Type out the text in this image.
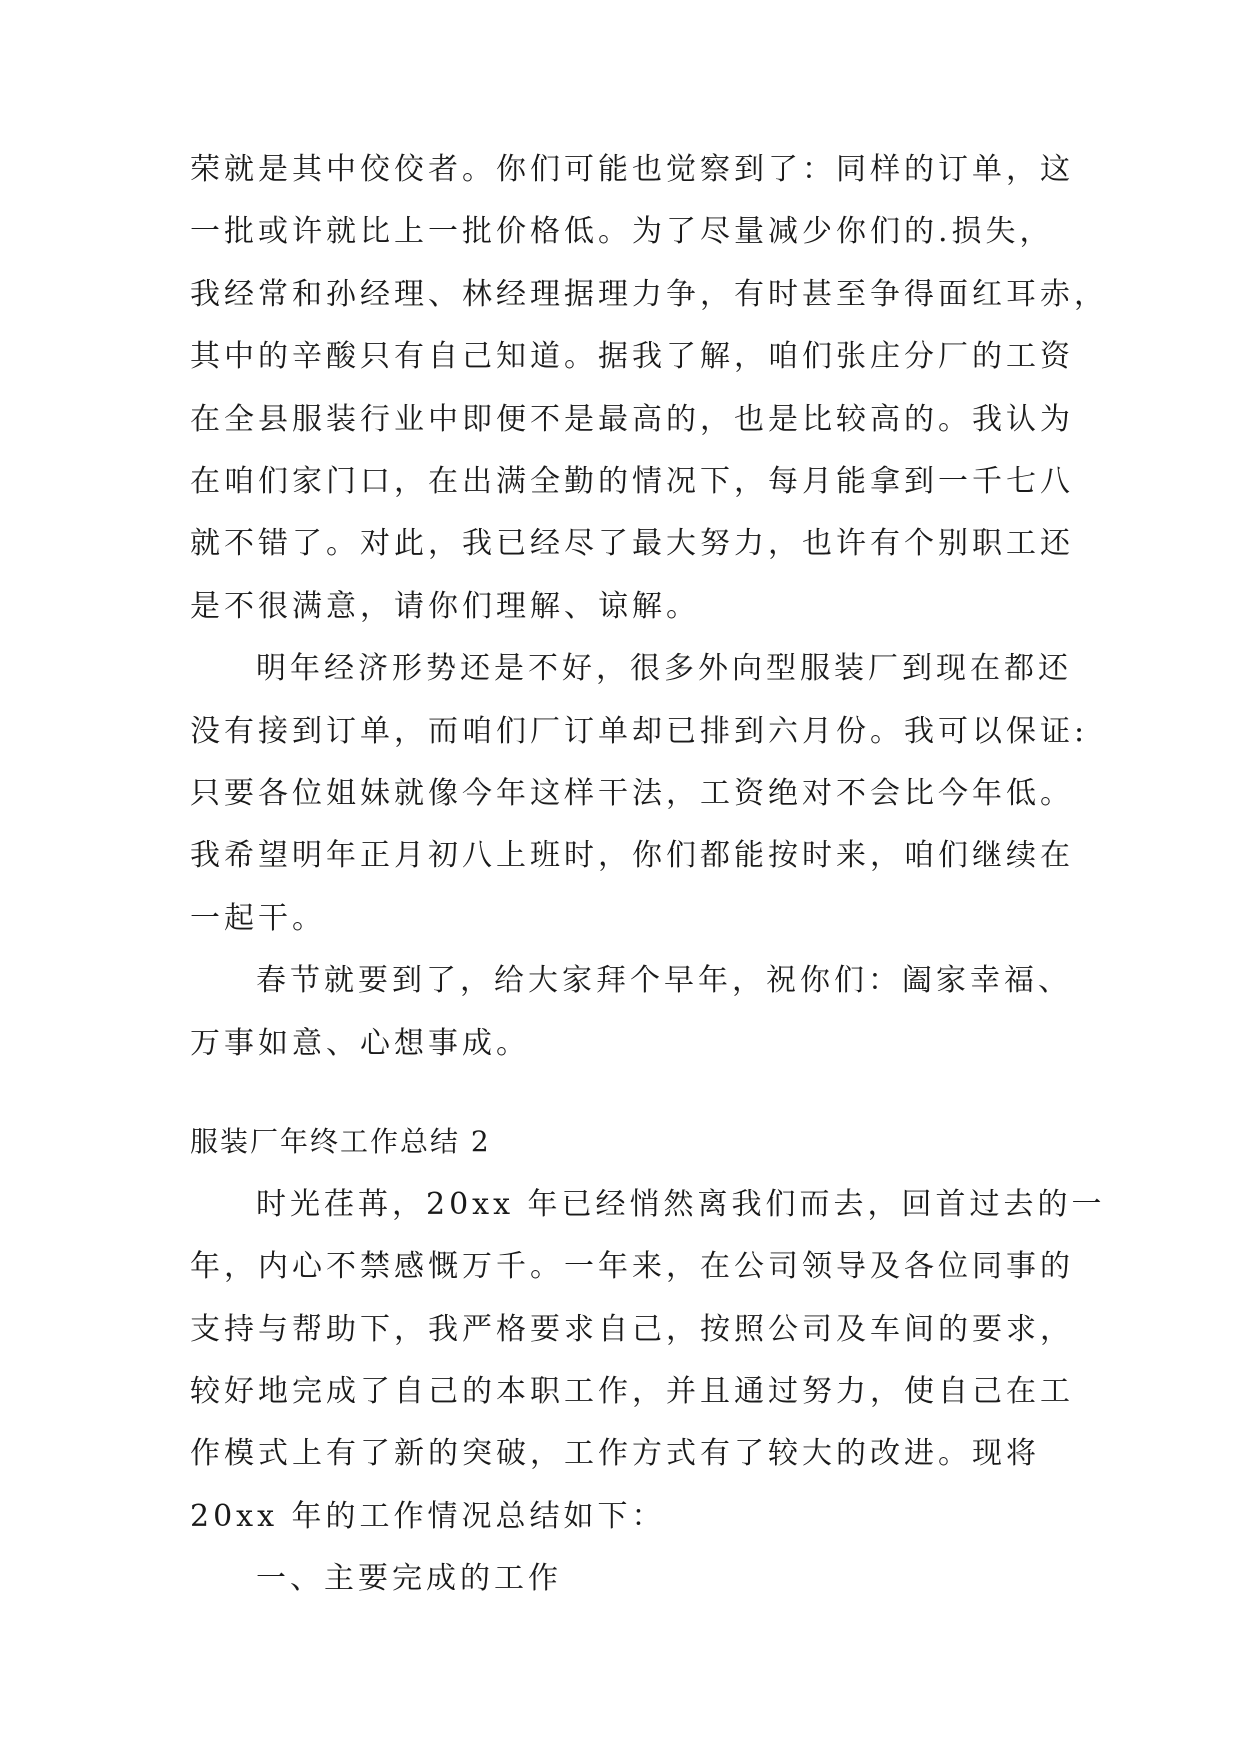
荣就是其中佼佼者。你们可能也觉察到了：同样的订单，这
一批或许就比上一批价格低。为了尽量减少你们的.损失，
我经常和孙经理、林经理据理力争，有时甚至争得面红耳赤，
其中的辛酸只有自己知道。据我了解，咱们张庄分厂的工资
在全县服装行业中即便不是最高的，也是比较高的。我认为
在咱们家门口，在出满全勤的情况下，每月能拿到一千七八
就不错了。对此，我已经尽了最大努力，也许有个别职工还
是不很满意，请你们理解、谅解。
明年经济形势还是不好，很多外向型服装厂到现在都还
没有接到订单，而咱们厂订单却已排到六月份。我可以保证:
只要各位姐妹就像今年这样干法，工资绝对不会比今年低。
我希望明年正月初八上班时，你们都能按时来，咱们继续在
一起干。
春节就要到了，给大家拜个早年，祝你们：阖家幸福、
万事如意、心想事成。
服装厂年终工作总结 2
时光荏苒，20xx 年已经悄然离我们而去，回首过去的一
年，内心不禁感慨万千。一年来，在公司领导及各位同事的
支持与帮助下，我严格要求自己，按照公司及车间的要求，
较好地完成了自己的本职工作，并且通过努力，使自己在工
作模式上有了新的突破，工作方式有了较大的改进。现将
20xx 年的工作情况总结如下：
一、主要完成的工作
